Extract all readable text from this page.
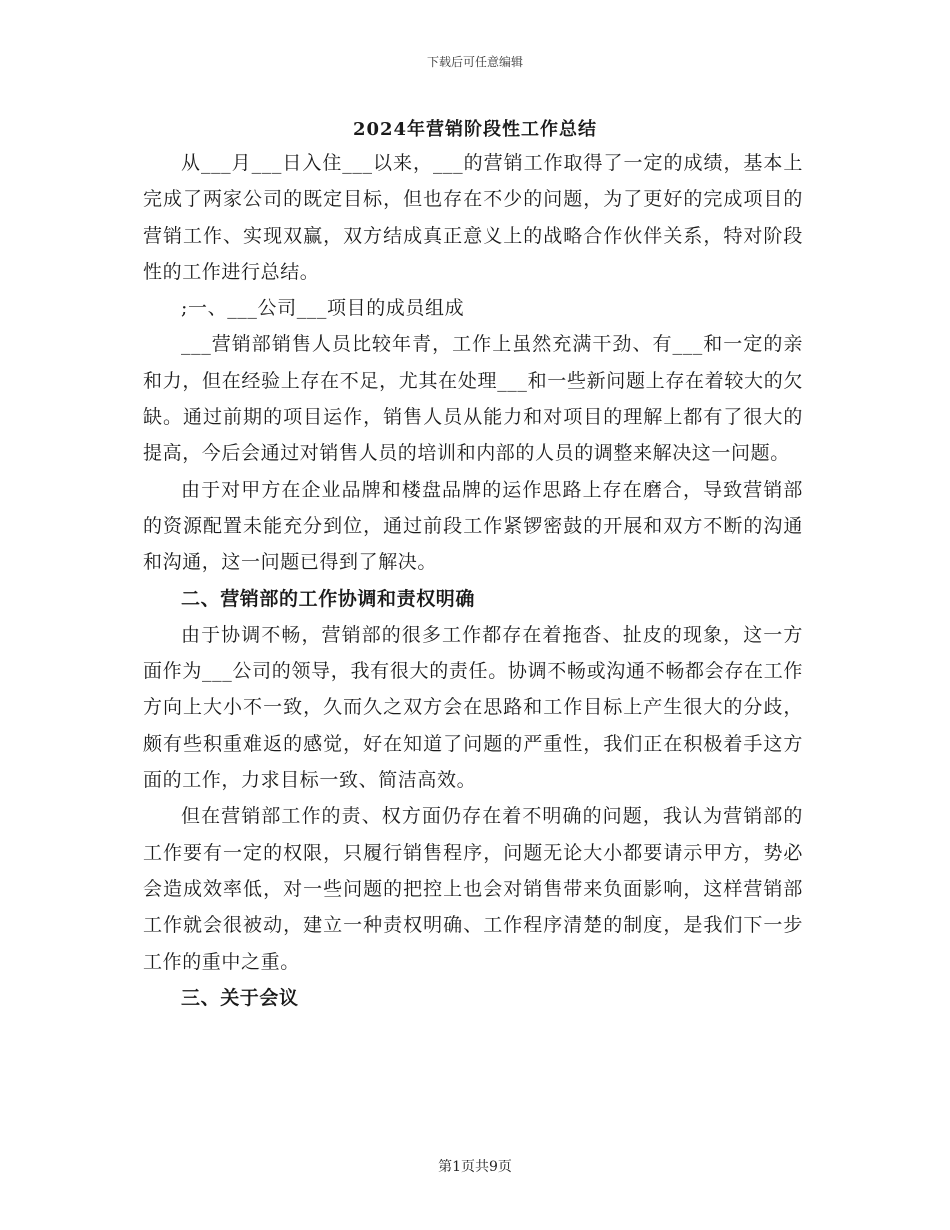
下载后可任意编辑
2024年营销阶段性工作总结

从___月___日入住___以来，___的营销工作取得了一定的成绩，基本上完成了两家公司的既定目标，但也存在不少的问题，为了更好的完成项目的营销工作、实现双赢，双方结成真正意义上的战略合作伙伴关系，特对阶段性的工作进行总结。

;一、___公司___项目的成员组成

___营销部销售人员比较年青，工作上虽然充满干劲、有___和一定的亲和力，但在经验上存在不足，尤其在处理___和一些新问题上存在着较大的欠缺。通过前期的项目运作，销售人员从能力和对项目的理解上都有了很大的提高，今后会通过对销售人员的培训和内部的人员的调整来解决这一问题。

由于对甲方在企业品牌和楼盘品牌的运作思路上存在磨合，导致营销部的资源配置未能充分到位，通过前段工作紧锣密鼓的开展和双方不断的沟通和沟通，这一问题已得到了解决。

二、营销部的工作协调和责权明确

由于协调不畅，营销部的很多工作都存在着拖沓、扯皮的现象，这一方面作为___公司的领导，我有很大的责任。协调不畅或沟通不畅都会存在工作方向上大小不一致，久而久之双方会在思路和工作目标上产生很大的分歧，颇有些积重难返的感觉，好在知道了问题的严重性，我们正在积极着手这方面的工作，力求目标一致、简洁高效。

但在营销部工作的责、权方面仍存在着不明确的问题，我认为营销部的工作要有一定的权限，只履行销售程序，问题无论大小都要请示甲方，势必会造成效率低，对一些问题的把控上也会对销售带来负面影响，这样营销部工作就会很被动，建立一种责权明确、工作程序清楚的制度，是我们下一步工作的重中之重。

三、关于会议

第1页共9页
